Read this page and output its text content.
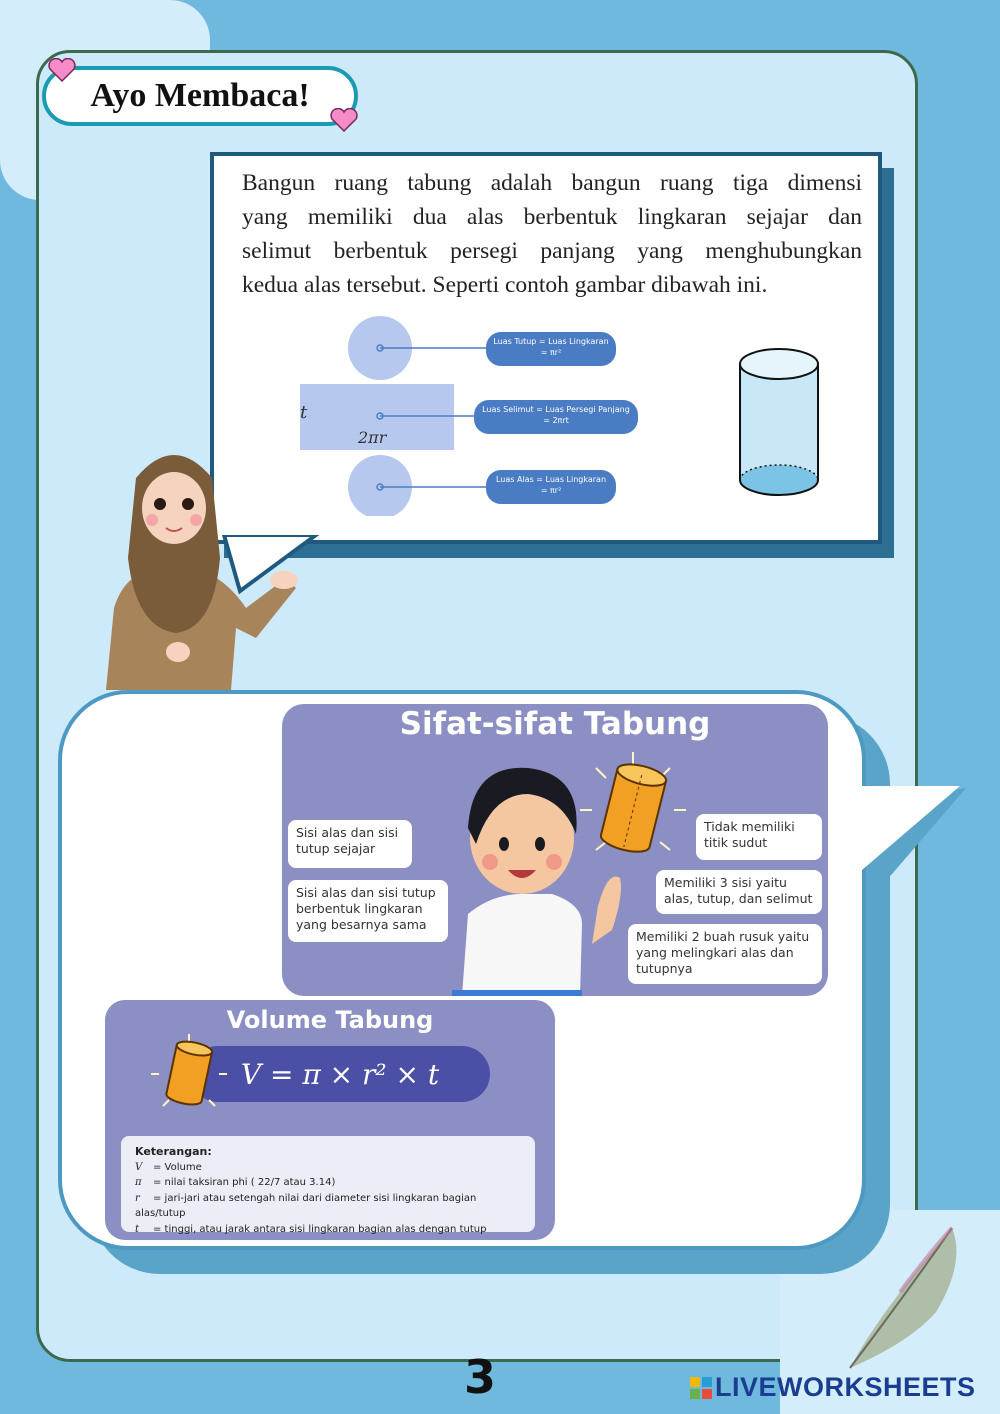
Ayo Membaca!
Bangun ruang tabung adalah bangun ruang tiga dimensi
yang memiliki dua alas berbentuk lingkaran sejajar dan
selimut berbentuk persegi panjang yang menghubungkan
kedua alas tersebut. Seperti contoh gambar dibawah ini.
t
2πr
Luas Tutup = Luas Lingkaran
= πr²
Luas Selimut = Luas Persegi Panjang
= 2πrt
Luas Alas = Luas Lingkaran
= πr²
Sifat-sifat Tabung
Sisi alas dan sisi tutup sejajar
Sisi alas dan sisi tutup berbentuk lingkaran yang besarnya sama
Tidak memiliki titik sudut
Memiliki 3 sisi yaitu alas, tutup, dan selimut
Memiliki 2 buah rusuk yaitu yang melingkari alas dan tutupnya
Volume Tabung
V = π × r² × t
Keterangan:
V = Volume
π = nilai taksiran phi ( 22/7 atau 3.14)
r = jari-jari atau setengah nilai dari diameter sisi lingkaran bagian alas/tutup
t = tinggi, atau jarak antara sisi lingkaran bagian alas dengan tutup
3	LIVEWORKSHEETS
